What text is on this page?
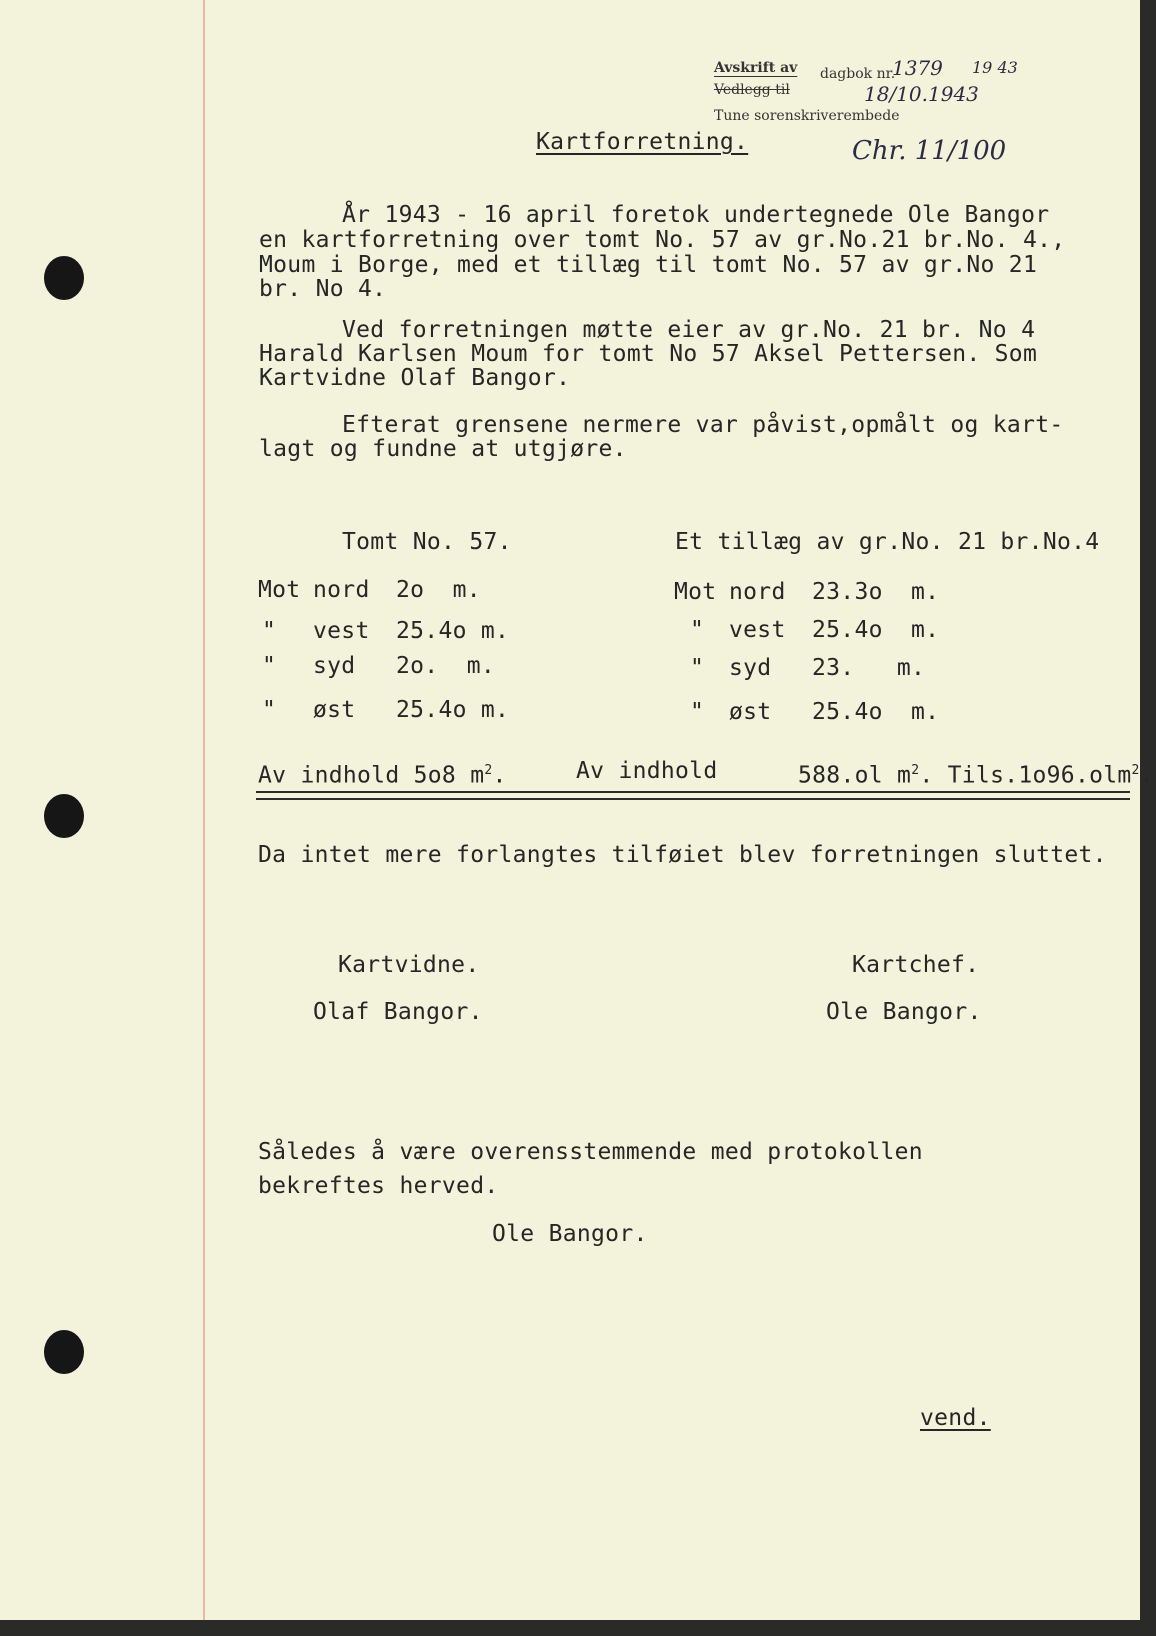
Avskrift av dagbok nr.
Vedlegg til
Tune sorenskriverembede
1379 19 43
18/10.1943
Chr. 11/100
Kartforretning.
År 1943 - 16 april foretok undertegnede Ole Bangor
en kartforretning over tomt No. 57 av gr.No.21 br.No. 4.,
Moum i Borge, med et tillæg til tomt No. 57 av gr.No 21
br. No 4.
Ved forretningen møtte eier av gr.No. 21 br. No 4
Harald Karlsen Moum for tomt No 57 Aksel Pettersen. Som
Kartvidne Olaf Bangor.
Efterat grensene nermere var påvist,opmålt og kart-
lagt og fundne at utgjøre.
Tomt No. 57.
Mot nord 2o  m.
" vest 25.4o m.
" syd 2o.  m.
" øst 25.4o m.
Av indhold 5o8 $m^2$.
Et tillæg av gr.No. 21 br.No.4
Mot nord 23.3o  m.
" vest 25.4o  m.
" syd 23.   m.
" øst 25.4o  m.
Av indhold	588.ol $m^2$. Tils.1o96.olm$^2$.
Da intet mere forlangtes tilføiet blev forretningen sluttet.
Kartvidne.
Olaf Bangor.
Kartchef.
Ole Bangor.
Således å være overensstemmende med protokollen
bekreftes herved.
Ole Bangor.
vend.
